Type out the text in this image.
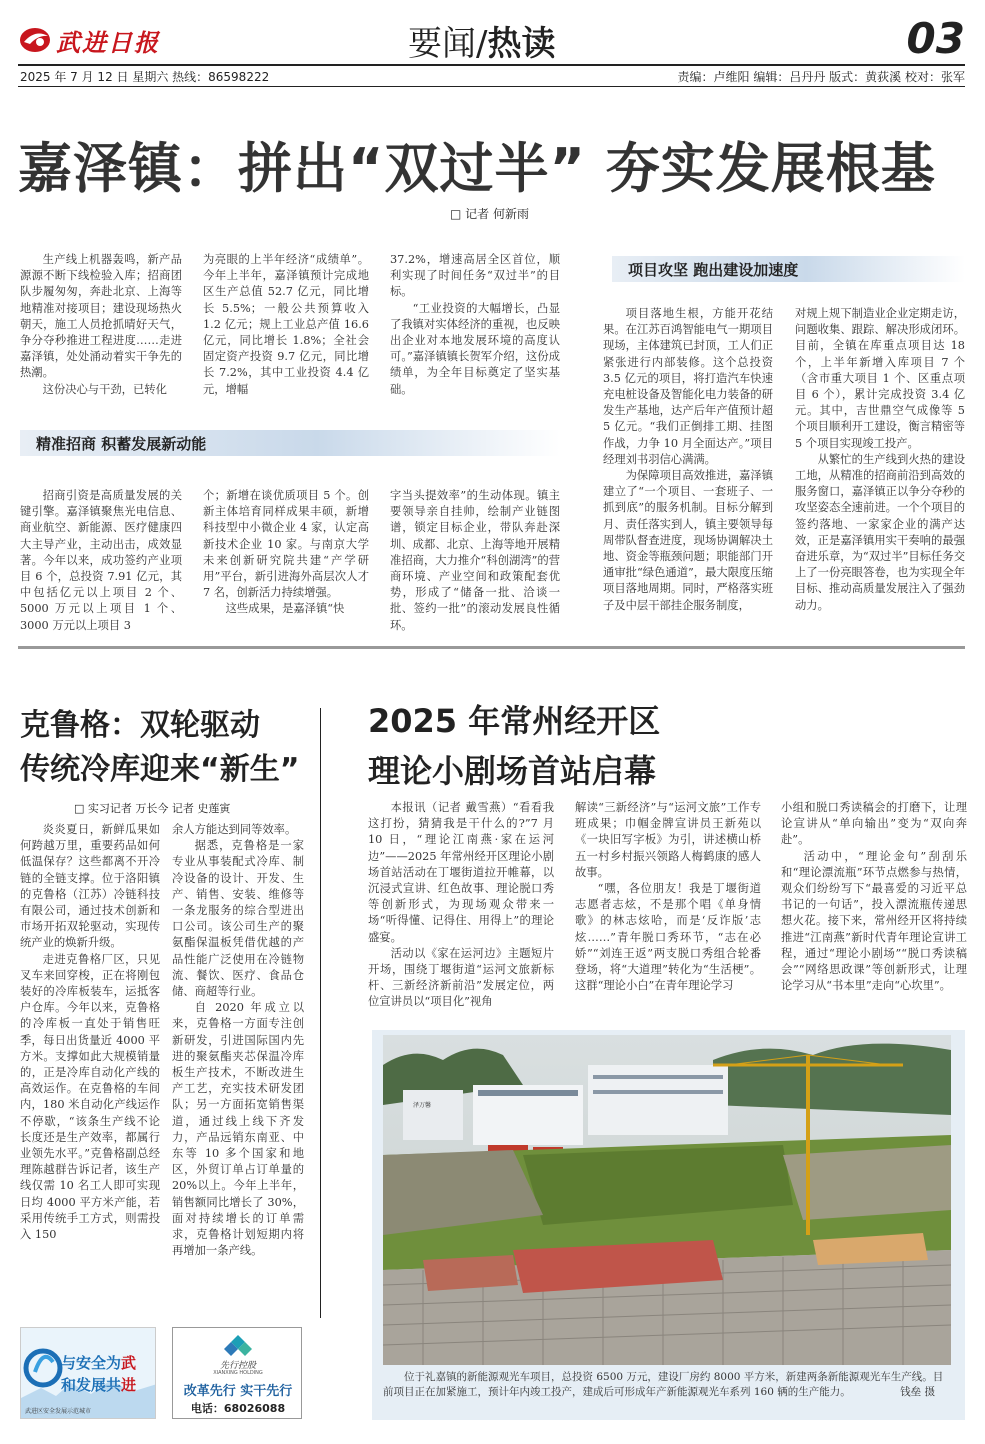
武进日报	要闻/热读	03
2025 年 7 月 12 日 星期六 热线：86598222	责编：卢维阳 编辑：吕丹丹 版式：黄荻溪 校对：张军
嘉泽镇：拼出“双过半” 夯实发展根基
□ 记者 何新雨

生产线上机器轰鸣，新产品源源不断下线检验入库；招商团队步履匆匆，奔赴北京、上海等地精准对接项目；建设现场热火朝天，施工人员抢抓晴好天气，争分夺秒推进工程进度……走进嘉泽镇，处处涌动着实干争先的热潮。

这份决心与干劲，已转化

为亮眼的上半年经济“成绩单”。今年上半年，嘉泽镇预计完成地区生产总值 52.7 亿元，同比增长 5.5%；一般公共预算收入 1.2 亿元；规上工业总产值 16.6 亿元，同比增长 1.8%；全社会固定资产投资 9.7 亿元，同比增长 7.2%，其中工业投资 4.4 亿元，增幅

37.2%，增速高居全区首位，顺利实现了时间任务“双过半”的目标。

“工业投资的大幅增长，凸显了我镇对实体经济的重视，也反映出企业对本地发展环境的高度认可。”嘉泽镇镇长贺军介绍，这份成绩单，为全年目标奠定了坚实基础。

精准招商 积蓄发展新动能

招商引资是高质量发展的关键引擎。嘉泽镇聚焦光电信息、商业航空、新能源、医疗健康四大主导产业，主动出击，成效显著。今年以来，成功签约产业项目 6 个，总投资 7.91 亿元，其中包括亿元以上项目 2 个、5000 万元以上项目 1 个、3000 万元以上项目 3

个；新增在谈优质项目 5 个。创新主体培育同样成果丰硕，新增科技型中小微企业 4 家，认定高新技术企业 10 家。与南京大学未来创新研究院共建“产学研用”平台，新引进海外高层次人才 7 名，创新活力持续增强。

这些成果，是嘉泽镇“快

字当头提效率”的生动体现。镇主要领导亲自挂帅，绘制产业链图谱，锁定目标企业，带队奔赴深圳、成都、北京、上海等地开展精准招商，大力推介“科创湖湾”的营商环境、产业空间和政策配套优势，形成了“储备一批、洽谈一批、签约一批”的滚动发展良性循环。

项目攻坚 跑出建设加速度

项目落地生根，方能开花结果。在江苏百鸿智能电气一期项目现场，主体建筑已封顶，工人们正紧张进行内部装修。这个总投资 3.5 亿元的项目，将打造汽车快速充电桩设备及智能化电力装备的研发生产基地，达产后年产值预计超 5 亿元。“我们正倒排工期、挂图作战，力争 10 月全面达产。”项目经理刘书羽信心满满。

为保障项目高效推进，嘉泽镇建立了“一个项目、一套班子、一抓到底”的服务机制。目标分解到月、责任落实到人，镇主要领导每周带队督查进度，现场协调解决土地、资金等瓶颈问题；职能部门开通审批“绿色通道”，最大限度压缩项目落地周期。同时，严格落实班子及中层干部挂企服务制度，

对规上规下制造业企业定期走访，问题收集、跟踪、解决形成闭环。目前，全镇在库重点项目达 18 个，上半年新增入库项目 7 个（含市重大项目 1 个、区重点项目 6 个），累计完成投资 3.4 亿元。其中，吉世鼎空气成像等 5 个项目顺利开工建设，衡言精密等 5 个项目实现竣工投产。

从繁忙的生产线到火热的建设工地，从精准的招商前沿到高效的服务窗口，嘉泽镇正以争分夺秒的攻坚姿态全速前进。一个个项目的签约落地、一家家企业的满产达效，正是嘉泽镇用实干奏响的最强奋进乐章，为“双过半”目标任务交上了一份亮眼答卷，也为实现全年目标、推动高质量发展注入了强劲动力。

克鲁格：双轮驱动
传统冷库迎来“新生”
□ 实习记者 万长今 记者 史莲寅

炎炎夏日，新鲜瓜果如何跨越万里，重要药品如何低温保存？这些都离不开冷链的全链支撑。位于洛阳镇的克鲁格（江苏）冷链科技有限公司，通过技术创新和市场开拓双轮驱动，实现传统产业的焕新升级。

走进克鲁格厂区，只见叉车来回穿梭，正在将刚包装好的冷库板装车，运抵客户仓库。今年以来，克鲁格的冷库板一直处于销售旺季，每日出货量近 4000 平方米。支撑如此大规模销量的，正是冷库自动化产线的高效运作。在克鲁格的车间内，180 米自动化产线运作不停歇，“该条生产线不论长度还是生产效率，都属行业领先水平。”克鲁格副总经理陈越群告诉记者，该生产线仅需 10 名工人即可实现日均 4000 平方米产能，若采用传统手工方式，则需投入 150

余人方能达到同等效率。

据悉，克鲁格是一家专业从事装配式冷库、制冷设备的设计、开发、生产、销售、安装、维修等一条龙服务的综合型进出口公司。该公司生产的聚氨酯保温板凭借优越的产品性能广泛使用在冷链物流、餐饮、医疗、食品仓储、商超等行业。

自 2020 年成立以来，克鲁格一方面专注创新研发，引进国际国内先进的聚氨酯夹芯保温冷库板生产技术，不断改进生产工艺，充实技术研发团队；另一方面拓宽销售渠道，通过线上线下齐发力，产品远销东南亚、中东等 10 多个国家和地区，外贸订单占订单量的 20%以上。今年上半年，销售额同比增长了 30%，面对持续增长的订单需求，克鲁格计划短期内将再增加一条产线。

2025 年常州经开区
理论小剧场首站启幕

本报讯（记者 戴雪燕）“看看我这打扮，猜猜我是干什么的?”7 月 10 日，“理论江南燕·家在运河边”——2025 年常州经开区理论小剧场首站活动在丁堰街道拉开帷幕，以沉浸式宣讲、红色故事、理论脱口秀等创新形式，为现场观众带来一场“听得懂、记得住、用得上”的理论盛宴。

活动以《家在运河边》主题短片开场，围绕丁堰街道“运河文旅新标杆、三新经济新前沿”发展定位，两位宣讲员以“项目化”视角

解读“三新经济”与“运河文旅”工作专班成果；巾帼金牌宣讲员王新苑以《一块旧写字板》为引，讲述横山桥五一村乡村振兴领路人梅鹤康的感人故事。

“嘿，各位朋友！我是丁堰街道志愿者志炫，不是那个唱《单身情歌》的林志炫哈，而是‘反诈版’志炫……”青年脱口秀环节，“志在必娇”“刘连王返”两支脱口秀组合轮番登场，将“大道理”转化为“生活梗”。这群“理论小白”在青年理论学习

小组和脱口秀读稿会的打磨下，让理论宣讲从“单向输出”变为“双向奔赴”。

活动中，“理论金句”刮刮乐和“理论漂流瓶”环节点燃参与热情，观众们纷纷写下“最喜爱的习近平总书记的一句话”，投入漂流瓶传递思想火花。接下来，常州经开区将持续推进“江南燕”新时代青年理论宣讲工程，通过“理论小剧场”“脱口秀读稿会”“网络思政课”等创新形式，让理论学习从“书本里”走向“心坎里”。

泽万馨
位于礼嘉镇的新能源观光车项目，总投资 6500 万元，建设厂房约 8000 平方米，新建两条新能源观光车生产线。目前项目正在加紧施工，预计年内竣工投产，建成后可形成年产新能源观光车系列 160 辆的生产能力。	钱垒 摄
与安全为武
和发展共进
武进区安全发展示范城市
先行控股
XIANXING HOLDING
改革先行 实干先行
电话：68026088
